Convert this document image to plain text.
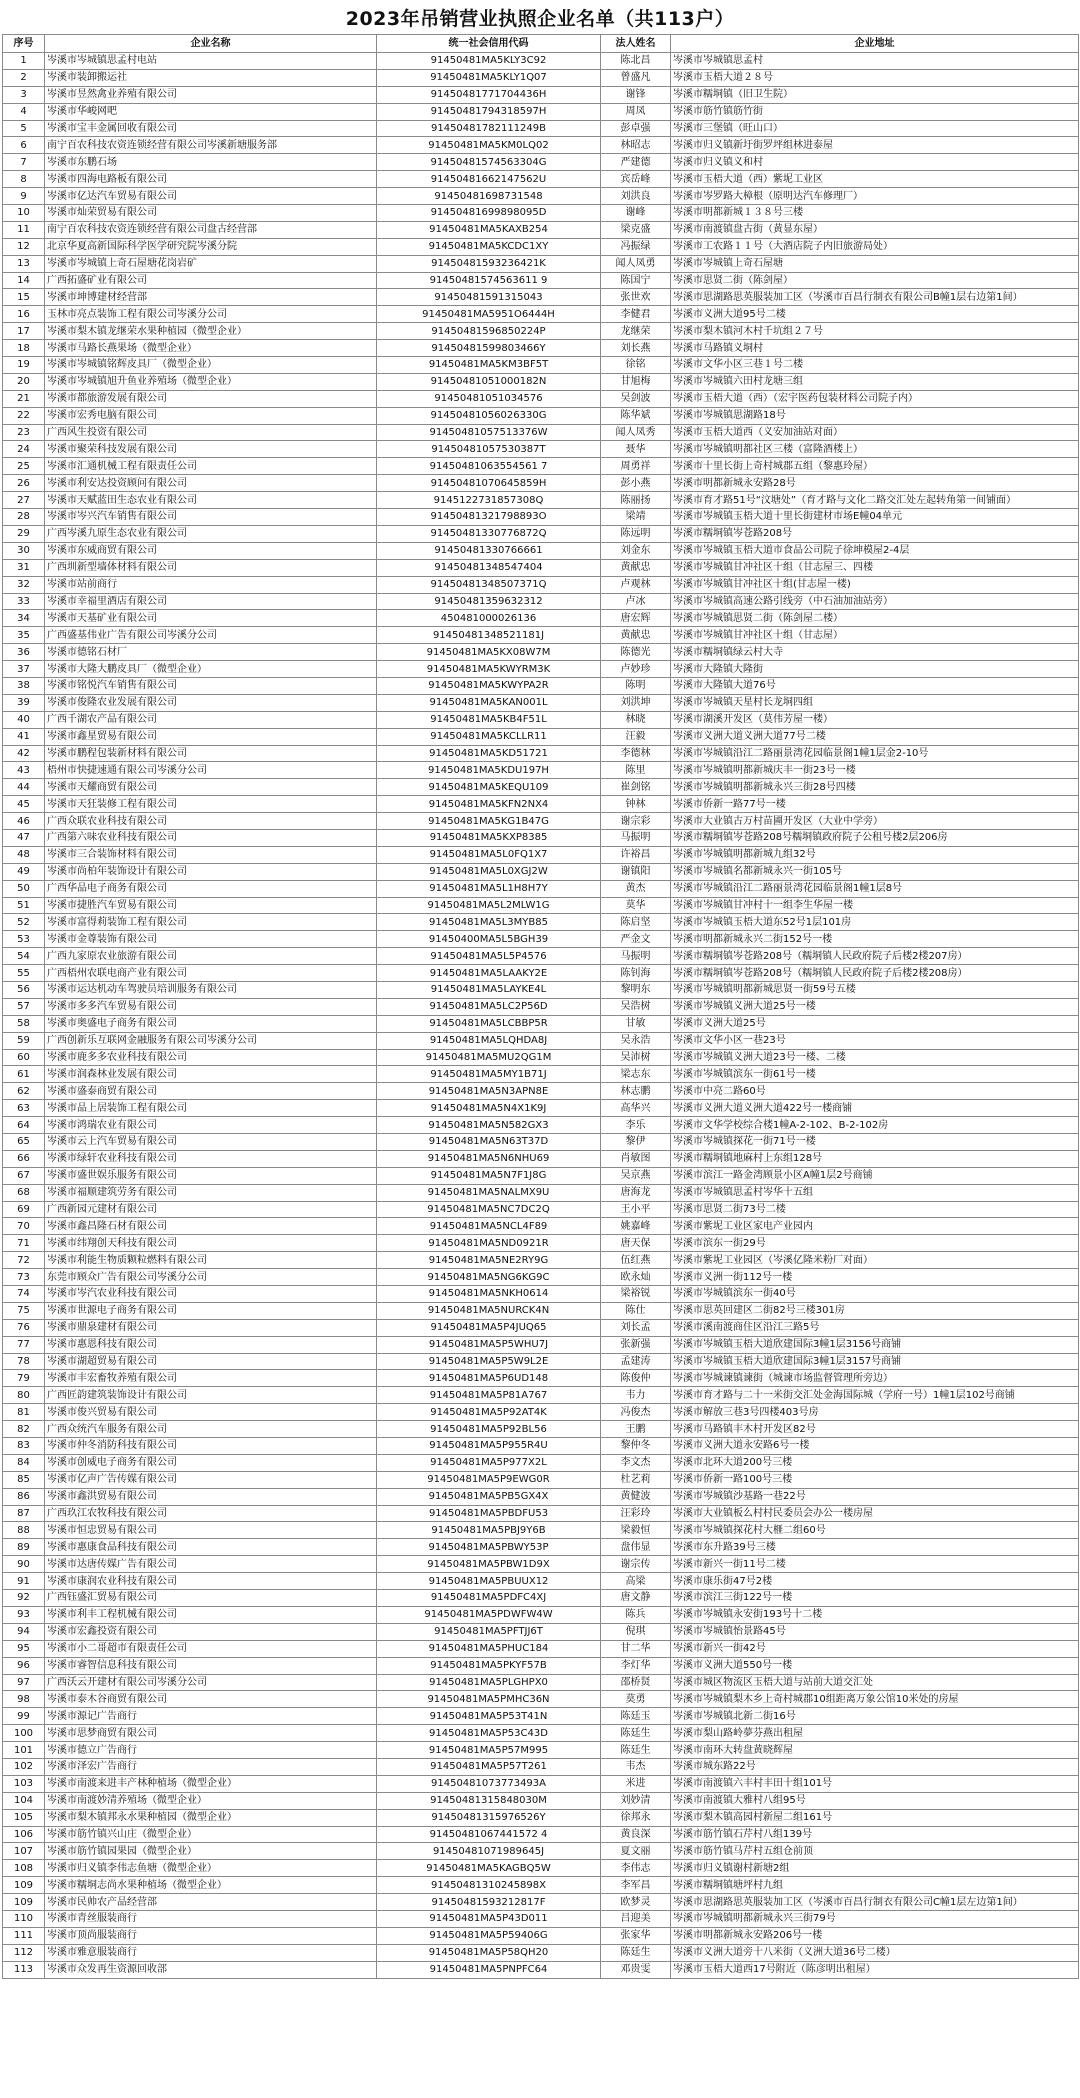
2023年吊销营业执照企业名单（共113户）
序号	企业名称	统一社会信用代码	法人姓名	企业地址
1	岑溪市岑城镇思孟村电站	91450481MA5KLY3C92	陈北昌	岑溪市岑城镇思孟村
2	岑溪市装卸搬运社	91450481MA5KLY1Q07	曾盛凡	岑溪市玉梧大道２８号
3	岑溪市昱然禽业养殖有限公司	91450481771704436H	谢锋	岑溪市糯垌镇（旧卫生院）
4	岑溪市华峻网吧	91450481794318597H	周凤	岑溪市筋竹镇筋竹街
5	岑溪市宝丰金属回收有限公司	91450481782111249B	彭卓强	岑溪市三堡镇（旺山口）
6	南宁百农科技农资连锁经营有限公司岑溪新塘服务部	91450481MA5KM0LQ02	林昭志	岑溪市归义镇新圩街罗坪组林进泰屋
7	岑溪市东鹏石场	91450481574563304G	严建德	岑溪市归义镇义和村
8	岑溪市四海电路板有限公司	91450481662147562U	宾岳峰	岑溪市玉梧大道（西）紫坭工业区
9	岑溪市亿达汽车贸易有限公司	91450481698731548	刘洪良	岑溪市岑罗路大樟根（原明达汽车修理厂）
10	岑溪市灿荣贸易有限公司	91450481699898095D	谢峰	岑溪市明都新城１３８号三楼
11	南宁百农科技农资连锁经营有限公司盘古经营部	91450481MA5KAXB254	梁克盛	岑溪市南渡镇盘古街（黄显东屋）
12	北京华夏高新国际科学医学研究院岑溪分院	91450481MA5KCDC1XY	冯振绿	岑溪市工农路１１号（大酒店院子内旧旅游局处）
13	岑溪市岑城镇上奇石屋塘花岗岩矿	91450481593236421K	闻人凤勇	岑溪市岑城镇上奇石屋塘
14	广西拓盛矿业有限公司	91450481574563611 9	陈国宁	岑溪市思贤二街（陈剑屋）
15	岑溪市坤博建材经营部	91450481591315043	张世欢	岑溪市思湖路思英服装加工区（岑溪市百昌行制衣有限公司B幢1层右边第1间）
16	玉林市亮点装饰工程有限公司岑溪分公司	91450481MA5951O6444H	李健君	岑溪市义洲大道95号二楼
17	岑溪市梨木镇龙继荣水果种植园（微型企业）	91450481596850224P	龙继荣	岑溪市梨木镇河木村千坑组２７号
18	岑溪市马路长燕果场（微型企业）	91450481599803466Y	刘长燕	岑溪市马路镇义垌村
19	岑溪市岑城镇铭辉皮具厂（微型企业）	91450481MA5KM3BF5T	徐铭	岑溪市文华小区三巷１号二楼
20	岑溪市岑城镇旭升鱼业养殖场（微型企业）	91450481051000182N	甘旭梅	岑溪市岑城镇六田村龙塘三组
21	岑溪市都旅游发展有限公司	91450481051034576	吴剑波	岑溪市玉梧大道（西）（宏宇医药包装材料公司院子内）
22	岑溪市宏秀电脑有限公司	91450481056026330G	陈华斌	岑溪市岑城镇思湖路18号
23	广西风生投资有限公司	91450481057513376W	闻人凤秀	岑溪市玉梧大道西（义安加油站对面）
24	岑溪市聚荣科技发展有限公司	91450481057530387T	聂华	岑溪市岑城镇明都社区三楼（富隆酒楼上）
25	岑溪市汇通机械工程有限责任公司	91450481063554561 7	周勇祥	岑溪市十里长街上奇村城郡五组（黎惠玲屋）
26	岑溪市利安达投资顾问有限公司	91450481070645859H	彭小燕	岑溪市明都新城永安路28号
27	岑溪市天赋蓝田生态农业有限公司	9145122731857308Q	陈丽扬	岑溪市育才路51号“汶塘处”（育才路与文化二路交汇处左起转角第一间铺面）
28	岑溪市岑兴汽车销售有限公司	91450481321798893O	梁靖	岑溪市岑城镇玉梧大道十里长街建材市场E幢04单元
29	广西岑溪九原生态农业有限公司	91450481330776872Q	陈远明	岑溪市糯垌镇岑苍路208号
30	岑溪市东威商贸有限公司	91450481330766661	刘金东	岑溪市岑城镇玉梧大道市食品公司院子徐坤模屋2-4层
31	广西圳新型墙体材料有限公司	91450481348547404	黄献忠	岑溪市岑城镇甘冲社区十组（甘志屋三、四楼
32	岑溪市站前商行	91450481348507371Q	卢观林	岑溪市岑城镇甘冲社区十组(甘志屋一楼)
33	岑溪市幸福里酒店有限公司	91450481359632312	卢冰	岑溪市岑城镇高速公路引线旁（中石油加油站旁）
34	岑溪市天基矿业有限公司	450481000026136	唐宏辉	岑溪市岑城镇思贤二街（陈剑屋二楼）
35	广西盛基伟业广告有限公司岑溪分公司	91450481348521181J	黄献忠	岑溪市岑城镇甘冲社区十组（甘志屋）
36	岑溪市德铭石材厂	91450481MA5KX08W7M	陈德光	岑溪市糯垌镇绿云村大寺
37	岑溪市大隆大鹏皮具厂（微型企业）	91450481MA5KWYRM3K	卢妙珍	岑溪市大隆镇大隆街
38	岑溪市铭悦汽车销售有限公司	91450481MA5KWYPA2R	陈明	岑溪市大隆镇大道76号
39	岑溪市俊隆农业发展有限公司	91450481MA5KAN001L	刘洪坤	岑溪市岑城镇天星村长龙垌四组
40	广西千湖农产品有限公司	91450481MA5KB4F51L	林晓	岑溪市湖溪开发区（莫伟芳屋一楼）
41	岑溪市鑫星贸易有限公司	91450481MA5KCLLR11	汪毅	岑溪市义洲大道义洲大道77号二楼
42	岑溪市鹏程包装新材料有限公司	91450481MA5KD51721	李德林	岑溪市岑城镇沿江二路丽景湾花园临景阁1幢1层金2-10号
43	梧州市快捷速通有限公司岑溪分公司	91450481MA5KDU197H	陈里	岑溪市岑城镇明都新城庆丰一街23号一楼
44	岑溪市天耀商贸有限公司	91450481MA5KEQU109	崔剑铭	岑溪市岑城镇明都新城永兴三街28号四楼
45	岑溪市天狂装修工程有限公司	91450481MA5KFN2NX4	钟林	岑溪市侨新一路77号一楼
46	广西众联农业科技有限公司	91450481MA5KG1B47G	谢宗彩	岑溪市大业镇古万村苗圃开发区（大业中学旁）
47	广西第六味农业科技有限公司	91450481MA5KXP8385	马振明	岑溪市糯垌镇岑苍路208号糯垌镇政府院子公租号楼2层206房
48	岑溪市三合装饰材料有限公司	91450481MA5L0FQ1X7	许裕昌	岑溪市岑城镇明都新城九组32号
49	岑溪市尚柏年装饰设计有限公司	91450481MA5L0XGJ2W	谢镇阳	岑溪市岑城镇名都新城永兴一街105号
50	广西华品电子商务有限公司	91450481MA5L1H8H7Y	黄杰	岑溪市岑城镇沿江二路丽景湾花园临景阁1幢1层8号
51	岑溪市捷胜汽车贸易有限公司	91450481MA5L2MLW1G	莫华	岑溪市岑城镇甘冲村十一组李生华屋一楼
52	岑溪市富得莉装饰工程有限公司	91450481MA5L3MYB85	陈启坚	岑溪市岑城镇玉梧大道东52号1层101房
53	岑溪市金尊装饰有限公司	91450400MA5L5BGH39	严金文	岑溪市明都新城永兴二街152号一楼
54	广西九家原农业旅游有限公司	91450481MA5L5P4576	马振明	岑溪市糯垌镇岑苍路208号（糯垌镇人民政府院子后楼2楼207房）
55	广西梧州农联电商产业有限公司	91450481MA5LAAKY2E	陈钊海	岑溪市糯垌镇岑苍路208号（糯垌镇人民政府院子后楼2楼208房）
56	岑溪市运达机动车驾驶员培训服务有限公司	91450481MA5LAYKE4L	黎明东	岑溪市岑城镇明都新城思贤一街59号五楼
57	岑溪市多多汽车贸易有限公司	91450481MA5LC2P56D	吴浩树	岑溪市岑城镇义洲大道25号一楼
58	岑溪市奥盛电子商务有限公司	91450481MA5LCBBP5R	甘敏	岑溪市义洲大道25号
59	广西创新乐互联网金融服务有限公司岑溪分公司	91450481MA5LQHDA8J	吴永浩	岑溪市文华小区一巷23号
60	岑溪市鹿多多农业科技有限公司	91450481MA5MU2QG1M	吴沛树	岑溪市岑城镇义洲大道23号一楼、二楼
61	岑溪市润森林业发展有限公司	91450481MA5MY1B71J	梁志东	岑溪市岑城镇滨东一街61号一楼
62	岑溪市盛泰商贸有限公司	91450481MA5N3APN8E	林志鹏	岑溪市中亮二路60号
63	岑溪市品上居装饰工程有限公司	91450481MA5N4X1K9J	高华兴	岑溪市义洲大道义洲大道422号一楼商铺
64	岑溪市鸿瑞农业有限公司	91450481MA5N582GX3	李乐	岑溪市文华学校综合楼1幢A-2-102、B-2-102房
65	岑溪市云上汽车贸易有限公司	91450481MA5N63T37D	黎伊	岑溪市岑城镇探花一街71号一楼
66	岑溪市绿轩农业科技有限公司	91450481MA5N6NHU69	肖敏图	岑溪市糯垌镇地麻村上东组128号
67	岑溪市盛世娱乐服务有限公司	91450481MA5N7F1J8G	吴京燕	岑溪市滨江一路金湾顾景小区A幢1层2号商铺
68	岑溪市福顺建筑劳务有限公司	91450481MA5NALMX9U	唐海龙	岑溪市岑城镇思孟村岑华十五组
69	广西新园元建材有限公司	91450481MA5NC7DC2Q	王小平	岑溪市思贤二街73号二楼
70	岑溪市鑫昌隆石材有限公司	91450481MA5NCL4F89	姚嘉峰	岑溪市紫坭工业区家电产业园内
71	岑溪市纬翔创天科技有限公司	91450481MA5ND0921R	唐天保	岑溪市滨东一街29号
72	岑溪市利能生物质颗粒燃料有限公司	91450481MA5NE2RY9G	伍红燕	岑溪市紫坭工业园区（岑溪亿隆米粉厂对面）
73	东莞市顾众广告有限公司岑溪分公司	91450481MA5NG6KG9C	欧永灿	岑溪市义洲一街112号一楼
74	岑溪市岑汽农业科技有限公司	91450481MA5NKH0614	梁裕锐	岑溪市岑城镇滨东一街40号
75	岑溪市世源电子商务有限公司	91450481MA5NURCK4N	陈仕	岑溪市思英回建区二街82号三楼301房
76	岑溪市鼎泉建材有限公司	91450481MA5P4JUQ65	刘长孟	岑溪市溪南渡商住区沿江三路5号
77	岑溪市惠恩科技有限公司	91450481MA5P5WHU7J	张新强	岑溪市岑城镇玉梧大道欣建国际3幢1层3156号商铺
78	岑溪市湖超贸易有限公司	91450481MA5P5W9L2E	孟建涛	岑溪市岑城镇玉梧大道欣建国际3幢1层3157号商铺
79	岑溪市丰宏畜牧养殖有限公司	91450481MA5P6UD148	陈俊仲	岑溪市岑城谏镇谏街（城谏市场监督管理所旁边）
80	广西匠韵建筑装饰设计有限公司	91450481MA5P81A767	韦力	岑溪市育才路与二十一米街交汇处金海国际城（学府一号）1幢1层102号商铺
81	岑溪市俊兴贸易有限公司	91450481MA5P92AT4K	冯俊杰	岑溪市解放三巷3号四楼403号房
82	广西众统汽车服务有限公司	91450481MA5P92BL56	王鹏	岑溪市马路镇丰木村开发区82号
83	岑溪市仲冬消防科技有限公司	91450481MA5P955R4U	黎仲冬	岑溪市义洲大道永安路6号一楼
84	岑溪市创威电子商务有限公司	91450481MA5P977X2L	李文杰	岑溪市北环大道200号三楼
85	岑溪市亿声广告传媒有限公司	91450481MA5P9EWG0R	杜艺莉	岑溪市侨新一路100号三楼
86	岑溪市鑫洪贸易有限公司	91450481MA5PB5GX4X	黄健波	岑溪市岑城镇沙基路一巷22号
87	广西玖江农牧科技有限公司	91450481MA5PBDFU53	汪彩玲	岑溪市大业镇板么村村民委员会办公一楼房屋
88	岑溪市恒忠贸易有限公司	91450481MA5PBJ9Y6B	梁毅恒	岑溪市岑城镇探花村大榧二组60号
89	岑溪市惠康食品科技有限公司	91450481MA5PBWY53P	盘伟显	岑溪市东升路39号三楼
90	岑溪市达唐传媒广告有限公司	91450481MA5PBW1D9X	谢宗传	岑溪市新兴一街11号二楼
91	岑溪市康润农业科技有限公司	91450481MA5PBUUX12	高梁	岑溪市康乐街47号2楼
92	广西钰盛汇贸易有限公司	91450481MA5PDFC4XJ	唐文静	岑溪市滨江三街122号一楼
93	岑溪市利丰工程机械有限公司	91450481MA5PDWFW4W	陈兵	岑溪市岑城镇永安街193号十二楼
94	岑溪市宏鑫投资有限公司	91450481MA5PFTJJ6T	倪琪	岑溪市岑城镇怡景路45号
95	岑溪市小二哥超市有限责任公司	91450481MA5PHUC184	甘二华	岑溪市新兴一街42号
96	岑溪市睿智信息科技有限公司	91450481MA5PKYF57B	李灯华	岑溪市义洲大道550号一楼
97	广西沃云开建材有限公司岑溪分公司	91450481MA5PLGHPX0	邵桥贤	岑溪市城区物流区玉梧大道与站前大道交汇处
98	岑溪市泰木谷商贸有限公司	91450481MA5PMHC36N	莫勇	岑溪市岑城镇梨木乡上奇村城郡10组距离万象公馆10米处的房屋
99	岑溪市源记广告商行	91450481MA5P53T41N	陈廷玉	岑溪市岑城镇北新二街16号
100	岑溪市思梦商贸有限公司	91450481MA5P53C43D	陈廷生	岑溪市梨山路岭夢芬燕出租屋
101	岑溪市德立广告商行	91450481MA5P57M995	陈廷生	岑溪市南环大转盘黄晓辉屋
102	岑溪市泽宏广告商行	91450481MA5P57T261	韦杰	岑溪市城东路22号
103	岑溪市南渡来进丰产林种植场（微型企业）	91450481073773493A	米进	岑溪市南渡镇六丰村丰田十组101号
104	岑溪市南渡妙清养殖场（微型企业）	91450481315848030M	刘妙清	岑溪市南渡镇大雅村八组95号
105	岑溪市梨木镇邦永水果种植园（微型企业）	91450481315976526Y	徐邦永	岑溪市梨木镇高园村新屋二组161号
106	岑溪市筋竹镇兴山庄（微型企业）	91450481067441572 4	黄良深	岑溪市筋竹镇石芹村八组139号
107	岑溪市筋竹镇园果园（微型企业）	91450481071989645J	夏文丽	岑溪市筋竹镇马芹村五组仓前顶
108	岑溪市归义镇李伟志鱼塘（微型企业）	91450481MA5KAGBQ5W	李伟志	岑溪市归义镇谢村新塘2组
109	岑溪市糯垌志尚水果种植场（微型企业）	91450481310245898X	李军昌	岑溪市糯垌镇塘坪村九组
109	岑溪市民帅农产品经营部	91450481593212817F	欧梦灵	岑溪市思湖路思英服装加工区（岑溪市百昌行制衣有限公司C幢1层左边第1间）
110	岑溪市青丝服装商行	91450481MA5P43D011	吕迎美	岑溪市岑城镇明都新城永兴三街79号
111	岑溪市顶尚服装商行	91450481MA5P59406G	张家华	岑溪市明都新城永安路206号一楼
112	岑溪市雅意服装商行	91450481MA5P58QH20	陈廷生	岑溪市义洲大道旁十八米街（义洲大道36号二楼）
113	岑溪市众发再生资源回收部	91450481MA5PNPFC64	邓贵雯	岑溪市玉梧大道西17号附近（陈彦明出租屋）
